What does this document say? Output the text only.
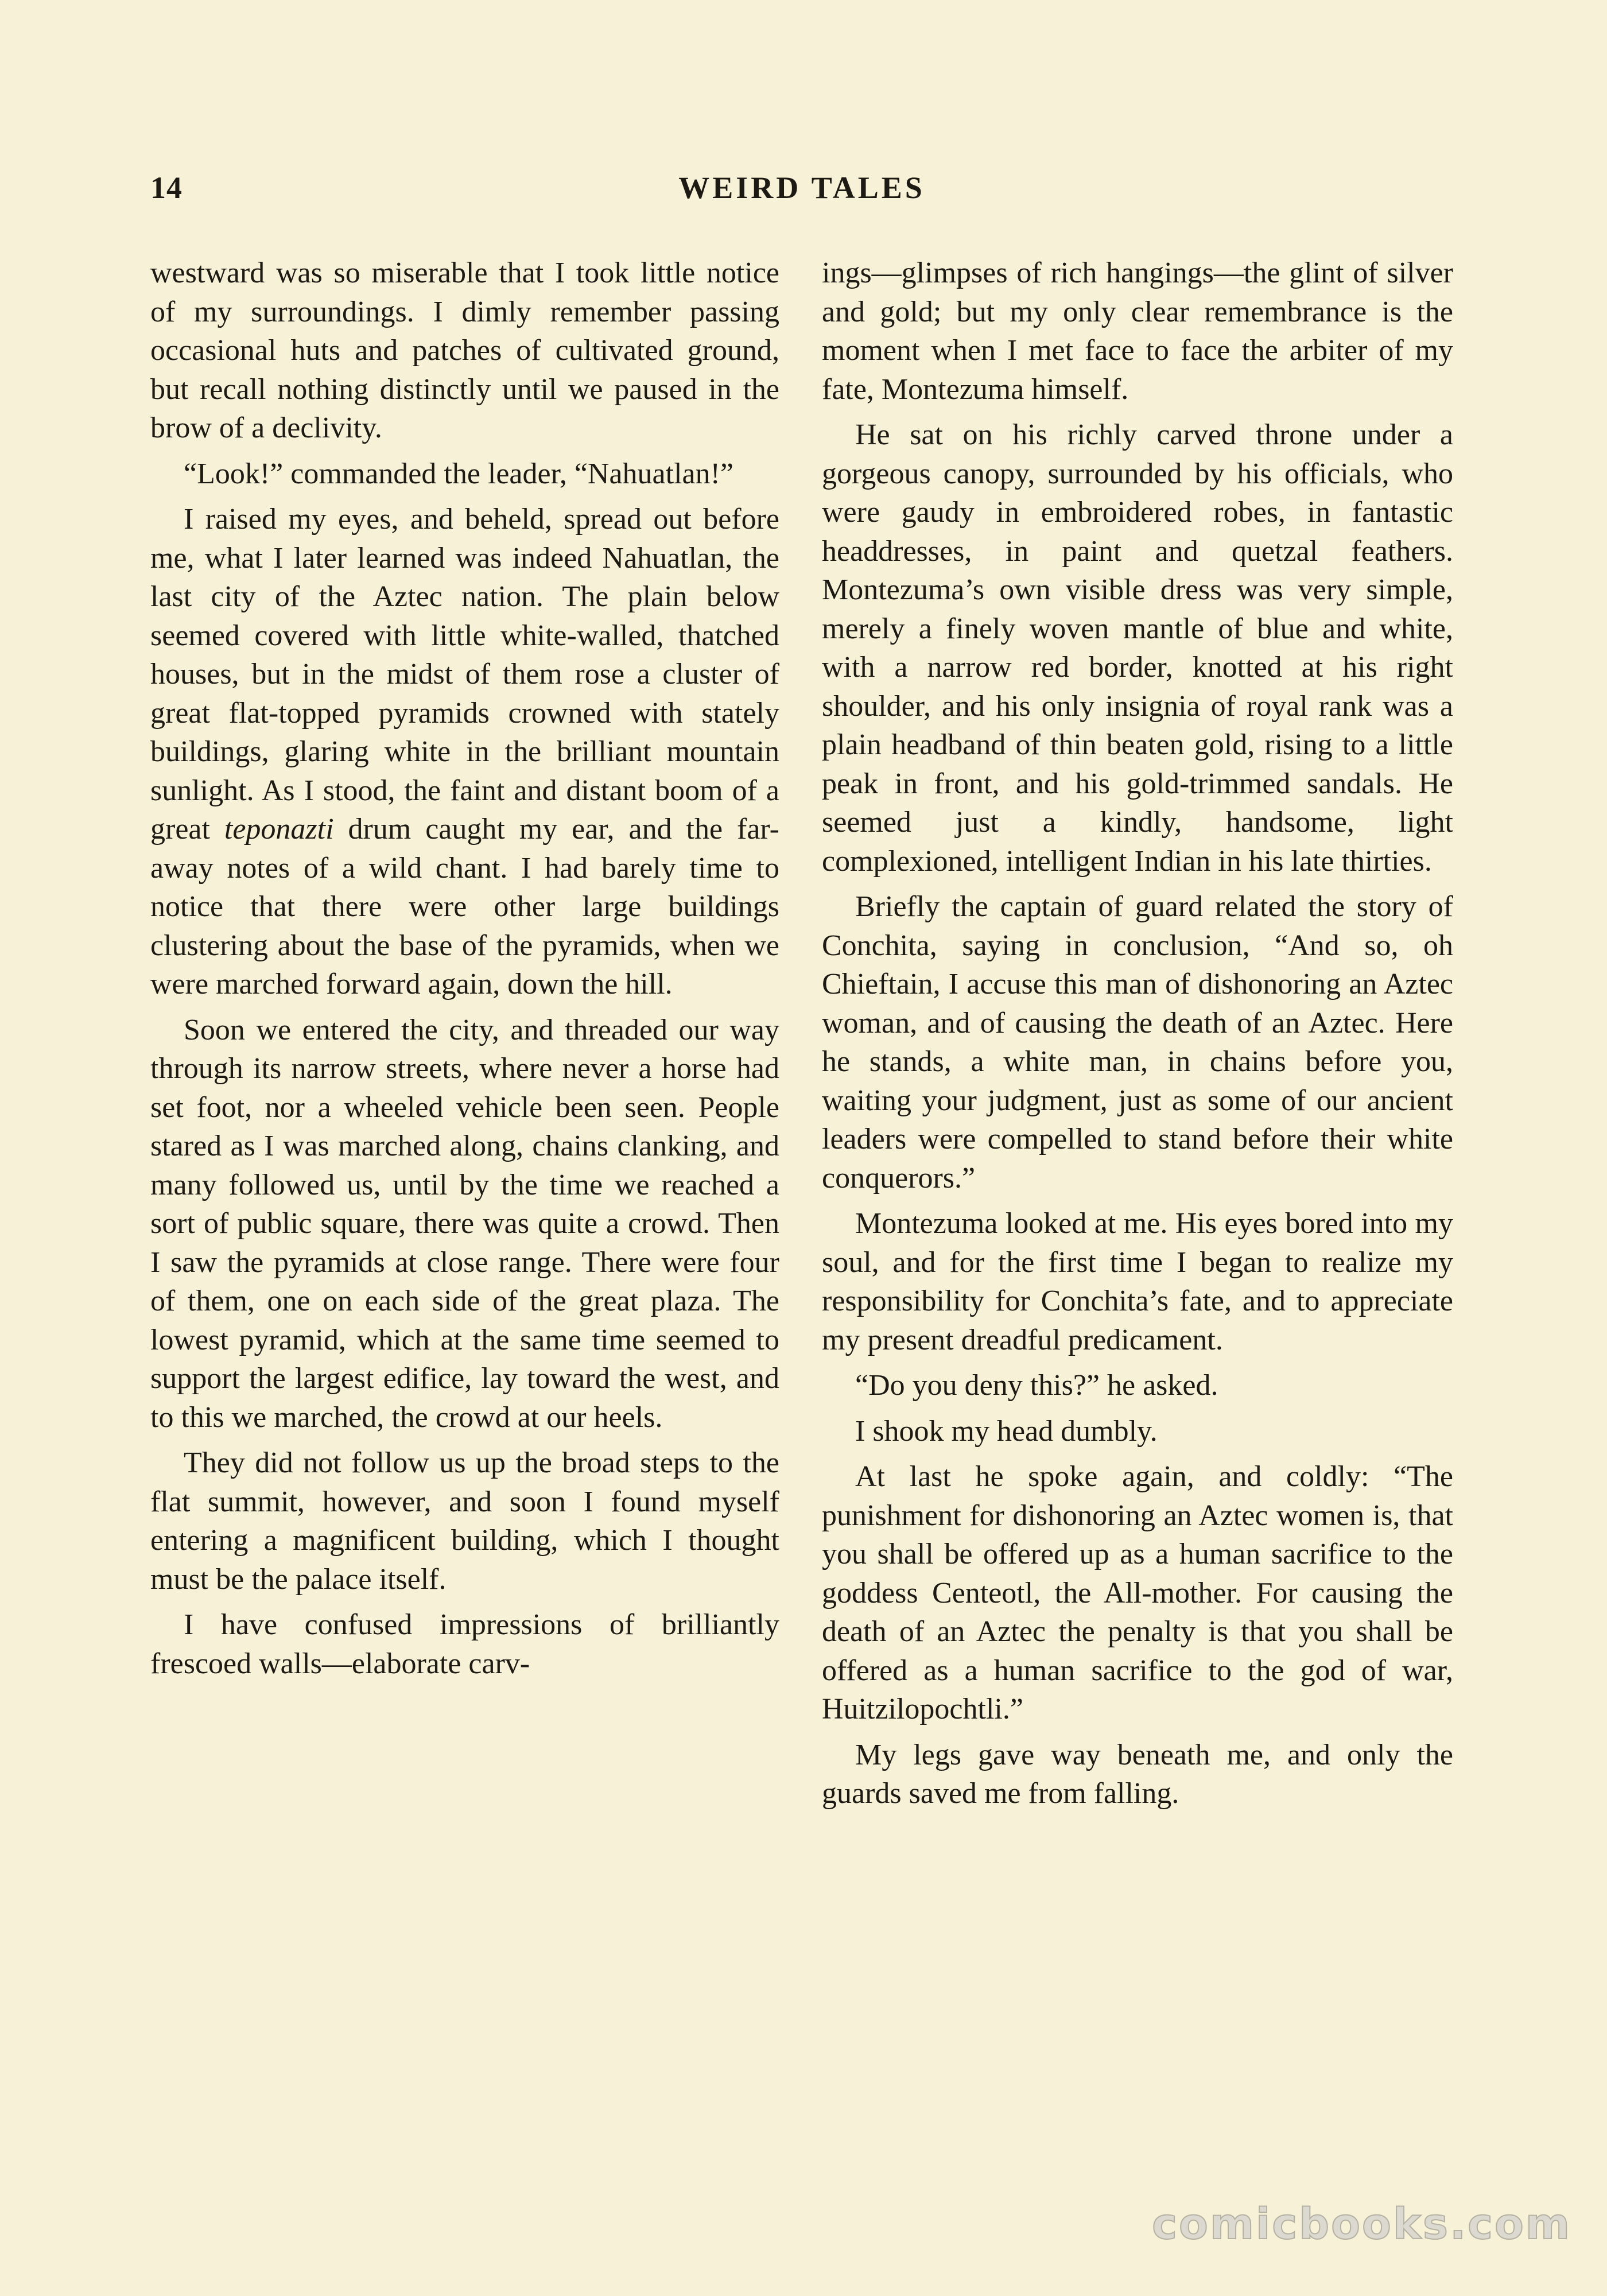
14	WEIRD TALES

westward was so miserable that I took little notice of my surroundings. I dimly remember passing occasional huts and patches of cultivated ground, but recall nothing distinctly until we paused in the brow of a declivity.

“Look!” commanded the leader, “Nahuatlan!”

I raised my eyes, and beheld, spread out before me, what I later learned was indeed Nahuatlan, the last city of the Aztec nation. The plain below seemed covered with little white-walled, thatched houses, but in the midst of them rose a cluster of great flat-topped pyramids crowned with stately buildings, glaring white in the brilliant mountain sunlight. As I stood, the faint and distant boom of a great teponazti drum caught my ear, and the far-away notes of a wild chant. I had barely time to notice that there were other large buildings clustering about the base of the pyramids, when we were marched forward again, down the hill.

Soon we entered the city, and threaded our way through its narrow streets, where never a horse had set foot, nor a wheeled vehicle been seen. People stared as I was marched along, chains clanking, and many followed us, until by the time we reached a sort of public square, there was quite a crowd. Then I saw the pyramids at close range. There were four of them, one on each side of the great plaza. The lowest pyramid, which at the same time seemed to support the largest edifice, lay toward the west, and to this we marched, the crowd at our heels.

They did not follow us up the broad steps to the flat summit, however, and soon I found myself entering a magnificent building, which I thought must be the palace itself.

I have confused impressions of brilliantly frescoed walls—elaborate carv-

ings—glimpses of rich hangings—the glint of silver and gold; but my only clear remembrance is the moment when I met face to face the arbiter of my fate, Montezuma himself.

He sat on his richly carved throne under a gorgeous canopy, surrounded by his officials, who were gaudy in embroidered robes, in fantastic headdresses, in paint and quetzal feathers. Montezuma’s own visible dress was very simple, merely a finely woven mantle of blue and white, with a narrow red border, knotted at his right shoulder, and his only insignia of royal rank was a plain headband of thin beaten gold, rising to a little peak in front, and his gold-trimmed sandals. He seemed just a kindly, handsome, light complexioned, intelligent Indian in his late thirties.

Briefly the captain of guard related the story of Conchita, saying in conclusion, “And so, oh Chieftain, I accuse this man of dishonoring an Aztec woman, and of causing the death of an Aztec. Here he stands, a white man, in chains before you, waiting your judgment, just as some of our ancient leaders were compelled to stand before their white conquerors.”

Montezuma looked at me. His eyes bored into my soul, and for the first time I began to realize my responsibility for Conchita’s fate, and to appreciate my present dreadful predicament.

“Do you deny this?” he asked.

I shook my head dumbly.

At last he spoke again, and coldly: “The punishment for dishonoring an Aztec women is, that you shall be offered up as a human sacrifice to the goddess Centeotl, the All-mother. For causing the death of an Aztec the penalty is that you shall be offered as a human sacrifice to the god of war, Huitzilopochtli.”

My legs gave way beneath me, and only the guards saved me from falling.

comicbooks.com
